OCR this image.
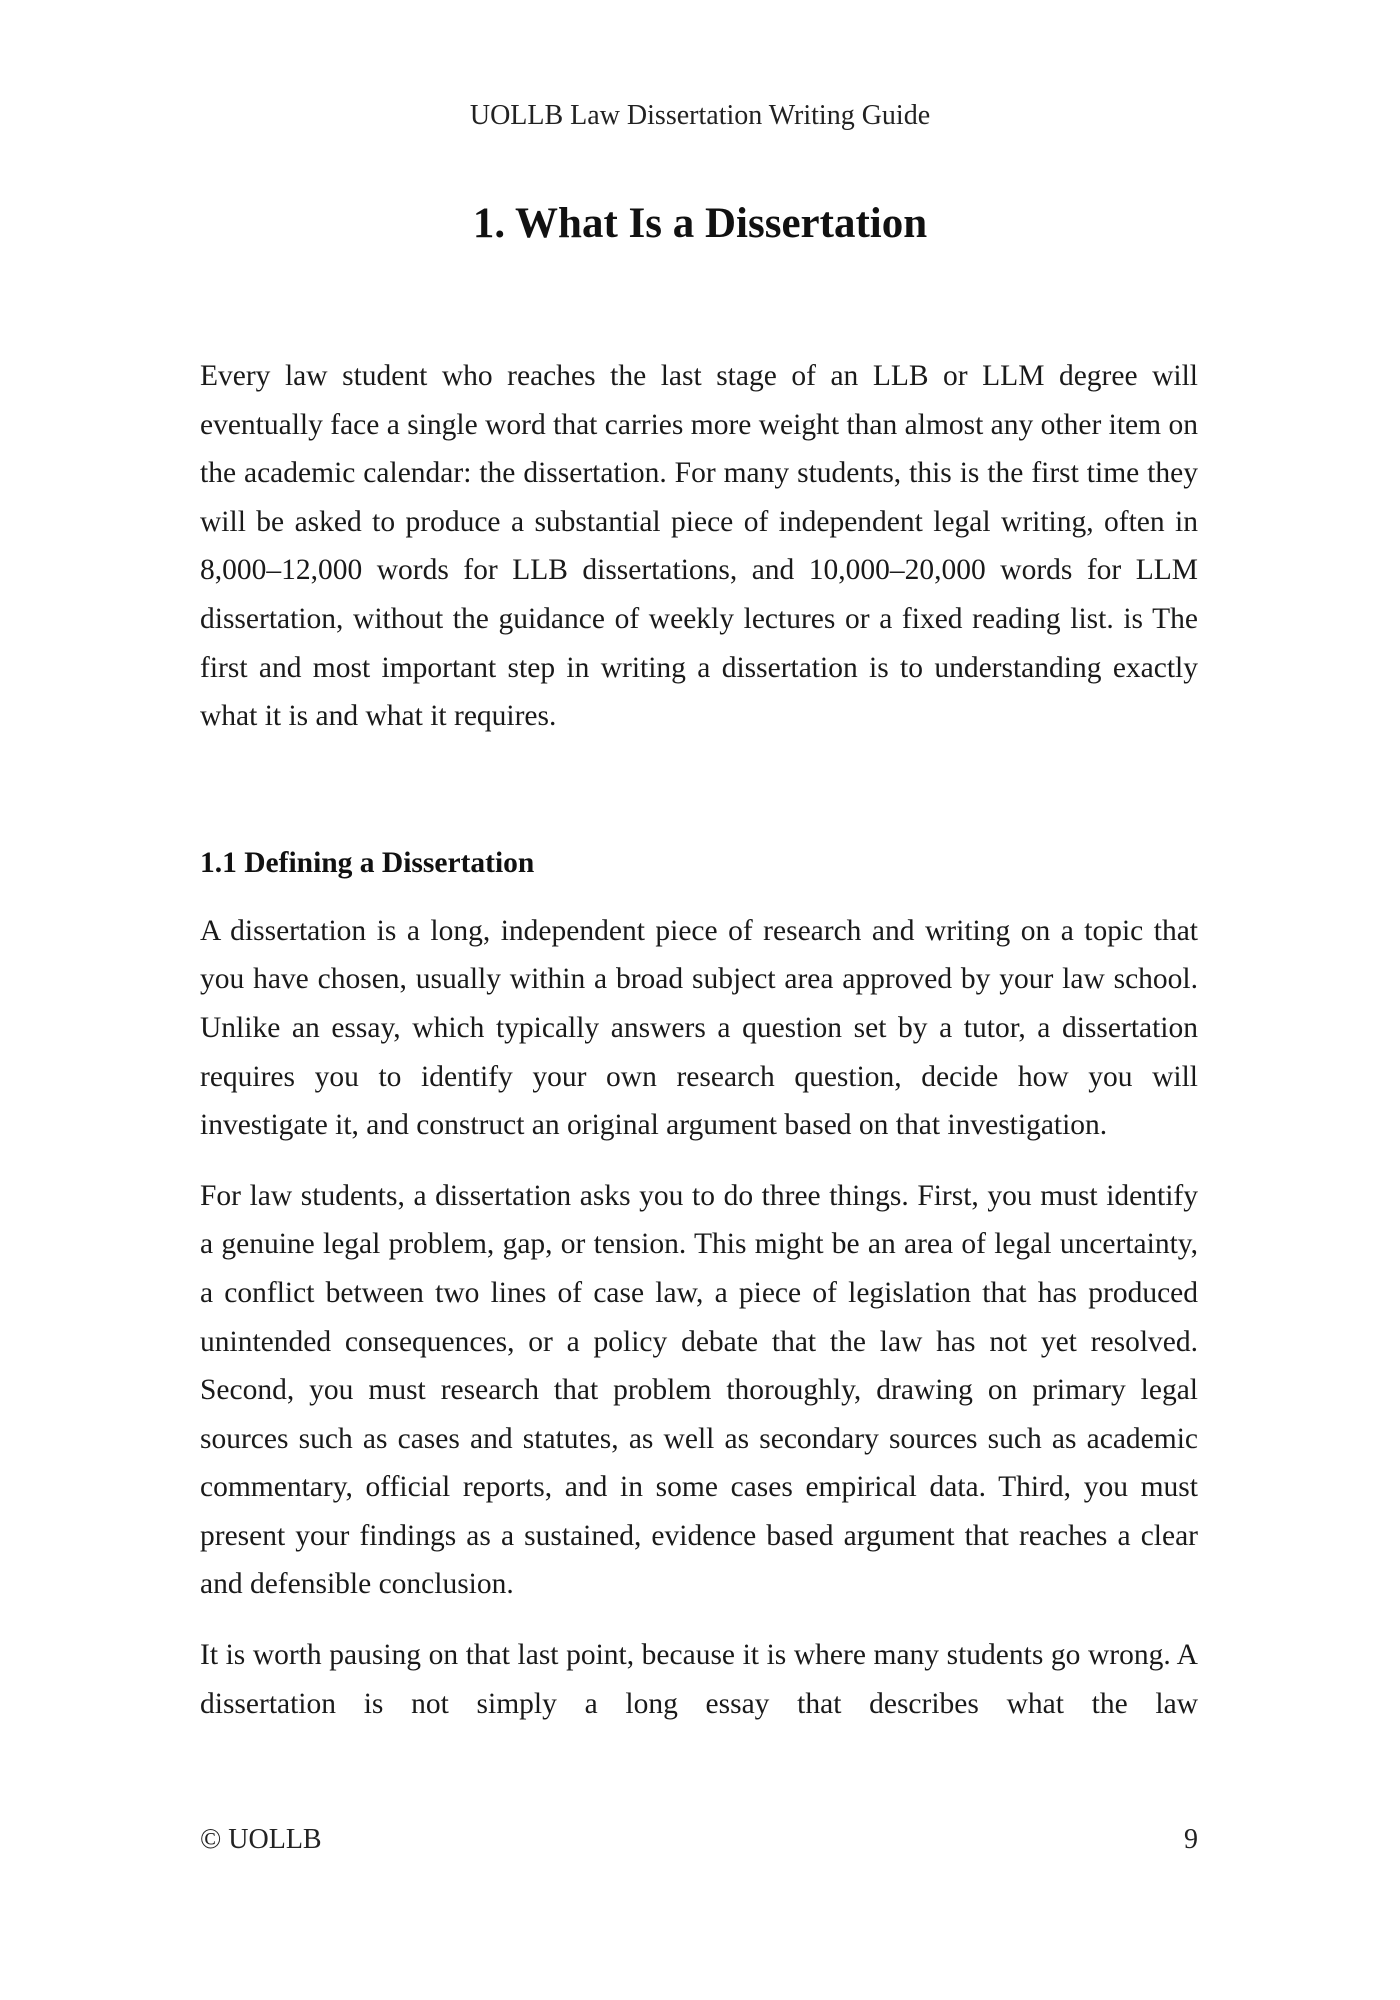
UOLLB Law Dissertation Writing Guide
1. What Is a Dissertation

Every law student who reaches the last stage of an LLB or LLM degree will eventually face a single word that carries more weight than almost any other item on the academic calendar: the dissertation. For many students, this is the first time they will be asked to produce a substantial piece of independent legal writing, often in 8,000–12,000 words for LLB dissertations, and 10,000–20,000 words for LLM dissertation, without the guidance of weekly lectures or a fixed reading list. is The first and most important step in writing a dissertation is to understanding exactly what it is and what it requires.

1.1 Defining a Dissertation

A dissertation is a long, independent piece of research and writing on a topic that you have chosen, usually within a broad subject area approved by your law school. Unlike an essay, which typically answers a question set by a tutor, a dissertation requires you to identify your own research question, decide how you will investigate it, and construct an original argument based on that investigation.

For law students, a dissertation asks you to do three things. First, you must identify a genuine legal problem, gap, or tension. This might be an area of legal uncertainty, a conflict between two lines of case law, a piece of legislation that has produced unintended consequences, or a policy debate that the law has not yet resolved. Second, you must research that problem thoroughly, drawing on primary legal sources such as cases and statutes, as well as secondary sources such as academic commentary, official reports, and in some cases empirical data. Third, you must present your findings as a sustained, evidence based argument that reaches a clear and defensible conclusion.

It is worth pausing on that last point, because it is where many students go wrong. A dissertation is not simply a long essay that describes what the law

© UOLLB	9
